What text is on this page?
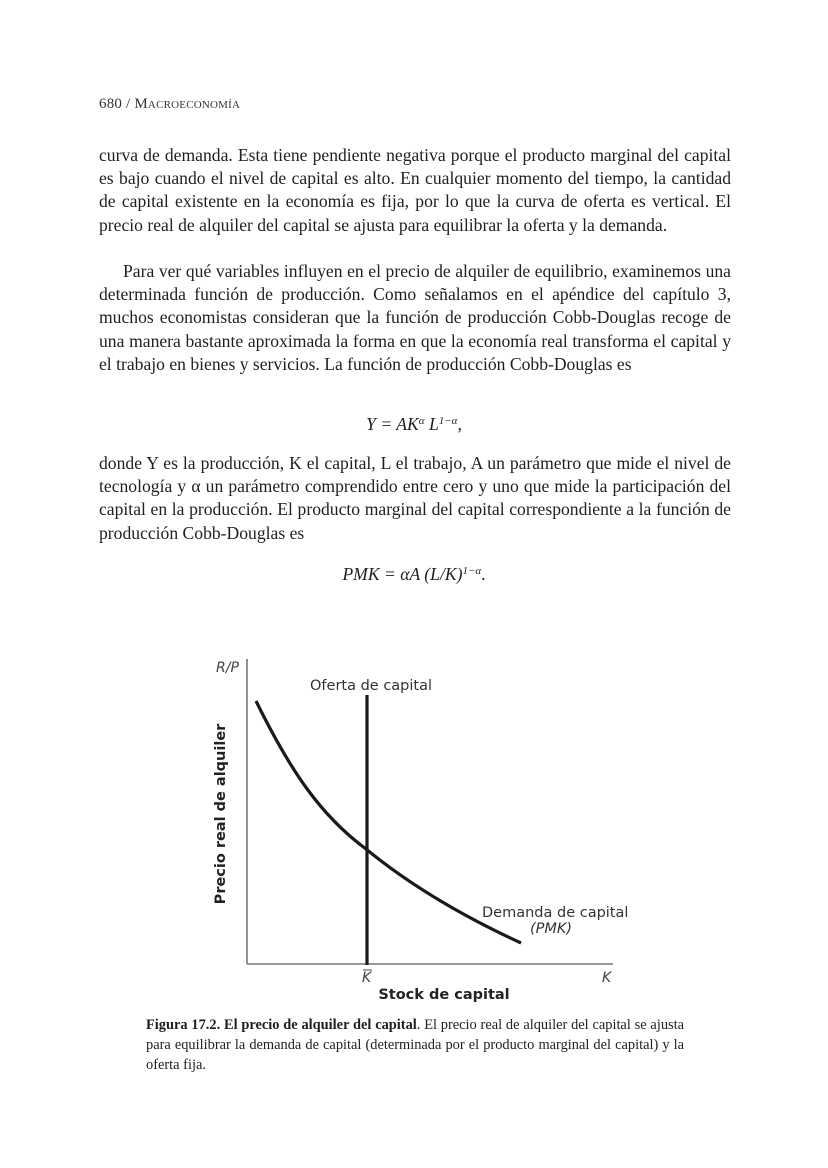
680 / Macroeconomía

curva de demanda. Esta tiene pendiente negativa porque el producto marginal del capital es bajo cuando el nivel de capital es alto. En cualquier momento del tiempo, la cantidad de capital existente en la economía es fija, por lo que la curva de oferta es vertical. El precio real de alquiler del capital se ajusta para equilibrar la oferta y la demanda.

Para ver qué variables influyen en el precio de alquiler de equilibrio, examinemos una determinada función de producción. Como señalamos en el apéndice del capítulo 3, muchos economistas consideran que la función de producción Cobb-Douglas recoge de una manera bastante aproximada la forma en que la economía real transforma el capital y el trabajo en bienes y servicios. La función de producción Cobb-Douglas es

$Y = AK^\alpha$ $L^{1-\alpha}$,

donde Y es la producción, K el capital, L el trabajo, A un parámetro que mide el nivel de tecnología y α un parámetro comprendido entre cero y uno que mide la participación del capital en la producción. El producto marginal del capital correspondiente a la función de producción Cobb-Douglas es

PMK = αA $(L/K)^{1-\alpha}$.
R/P
Oferta de capital
Demanda de capital
(PMK)
K	K
Stock de capital
Precio real de alquiler

Figura 17.2. El precio de alquiler del capital. El precio real de alquiler del capital se ajusta para equilibrar la demanda de capital (determinada por el producto marginal del capital) y la oferta fija.
